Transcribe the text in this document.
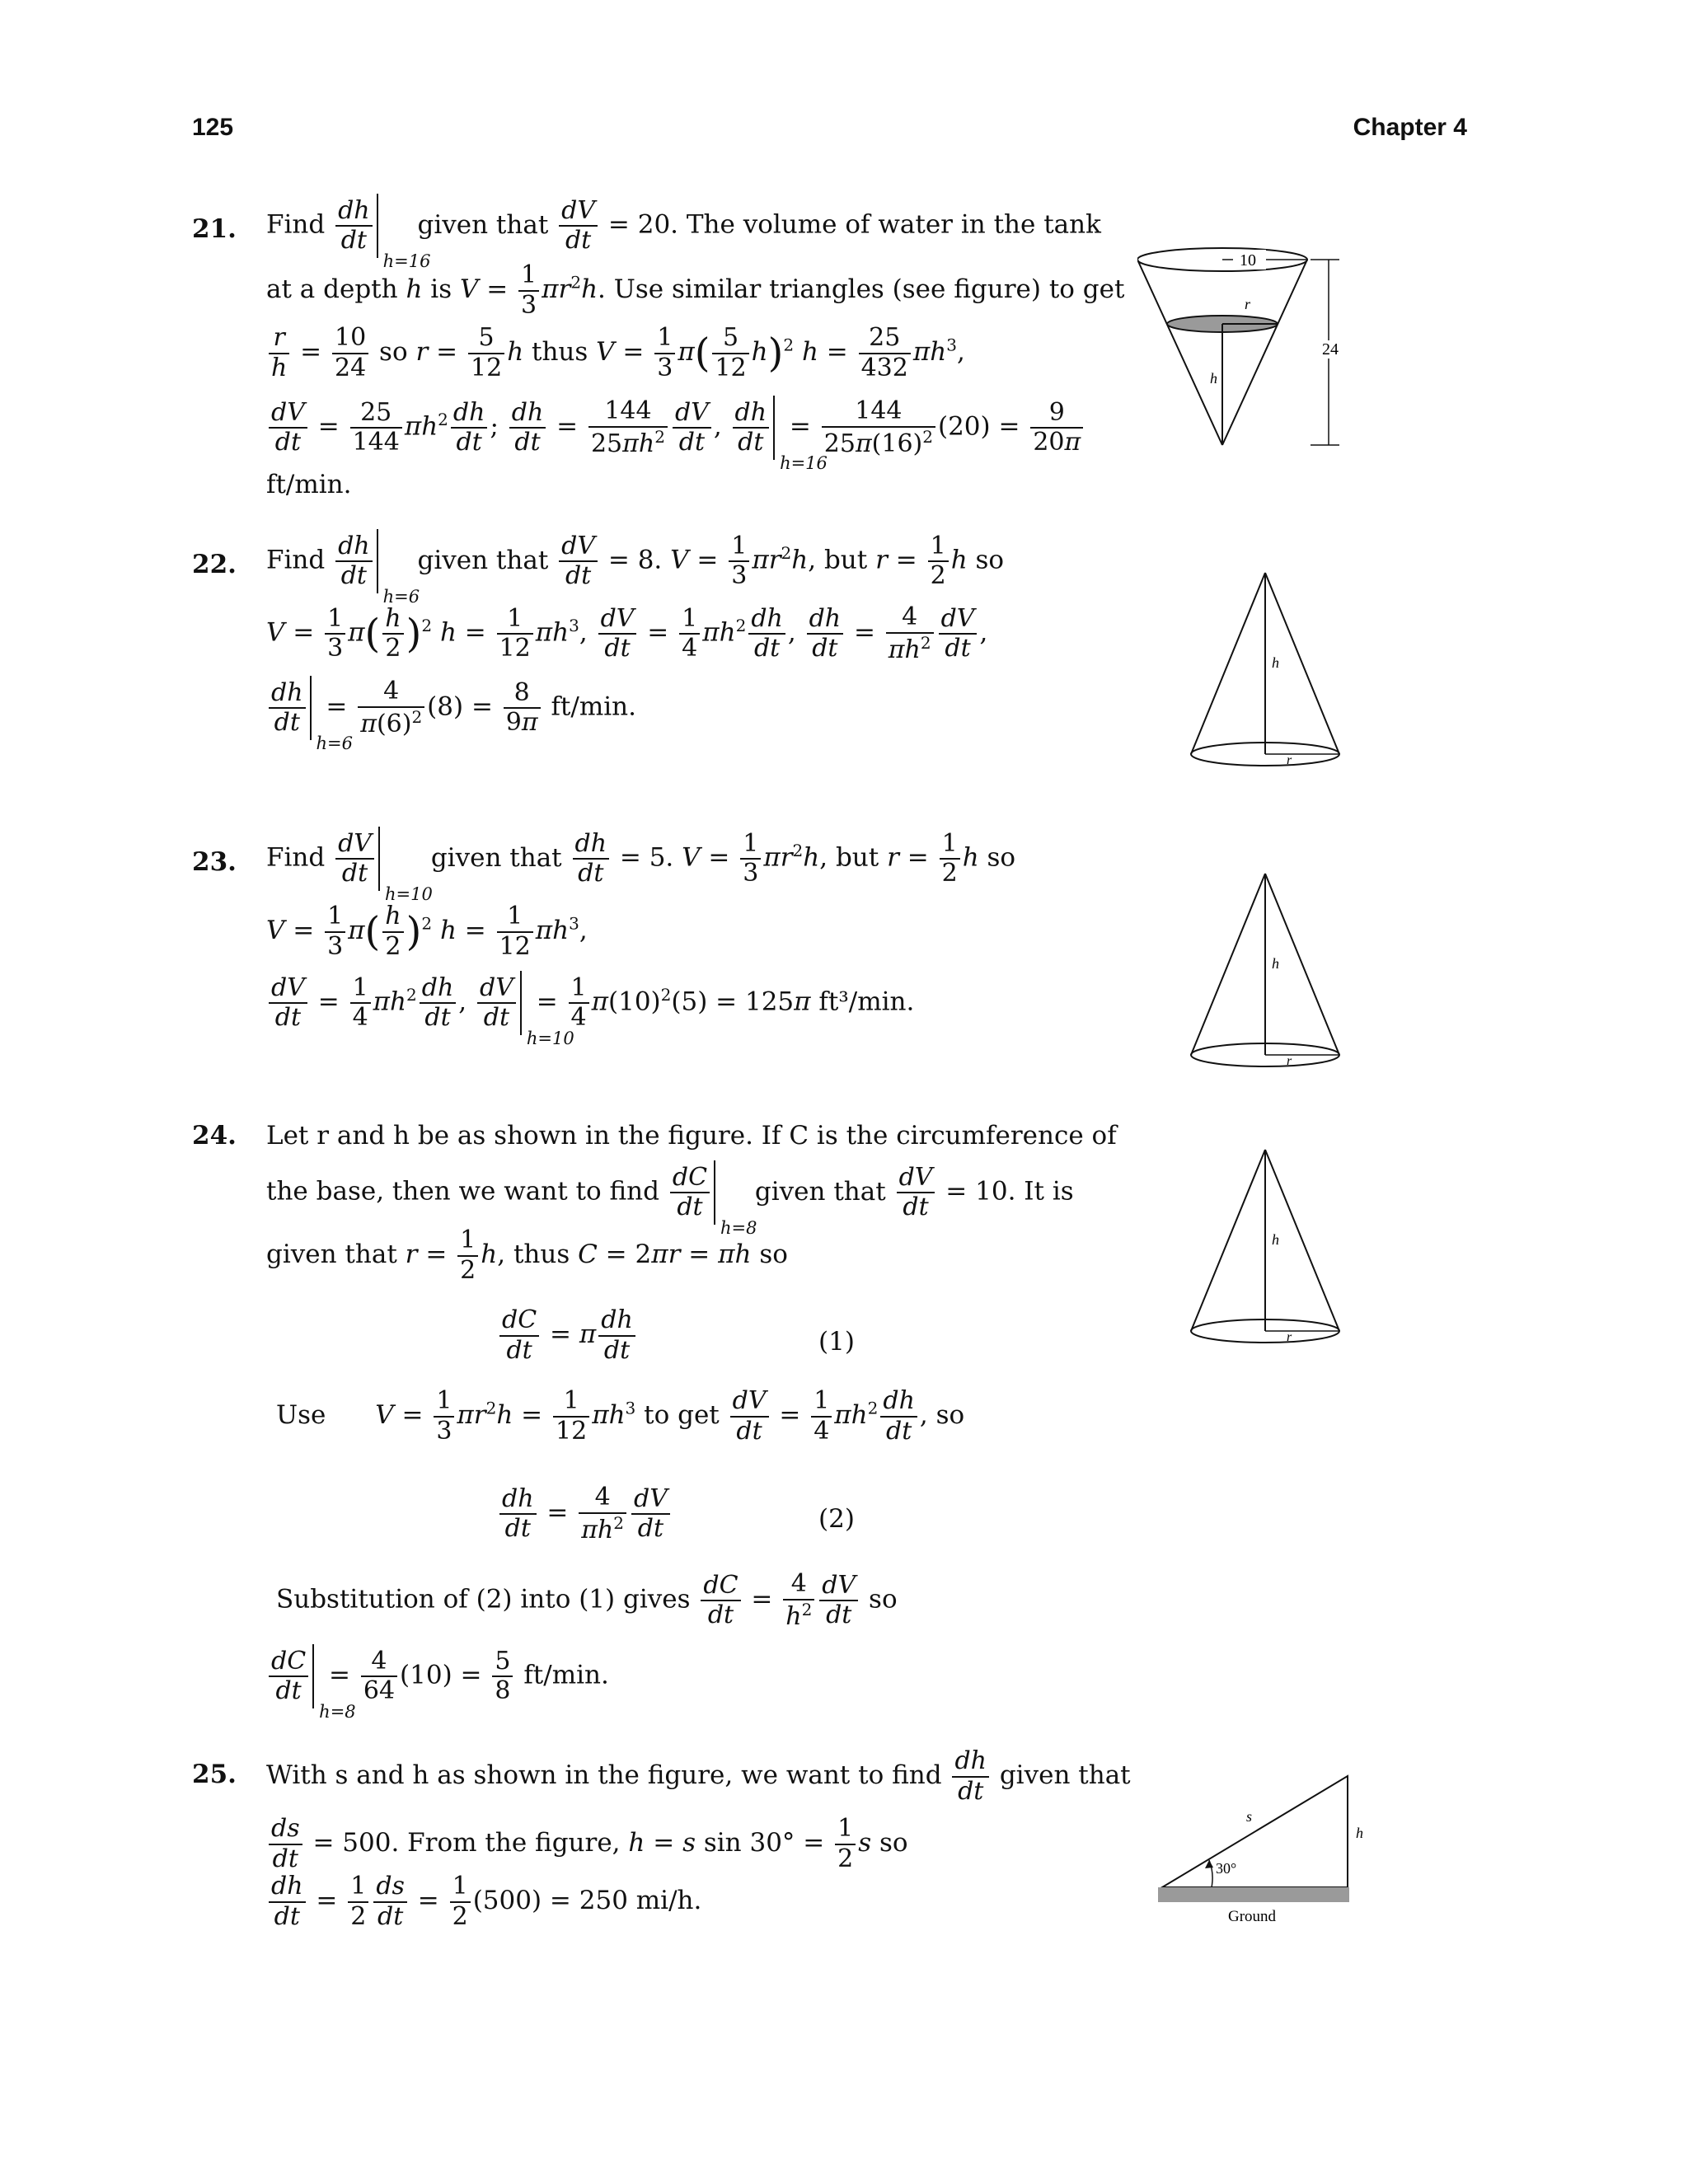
125	Chapter 4
21. Find $\frac{dh}{dt}$
h=16
given that $\frac{dV}{dt} = 20$. The volume of water in the tank
at a depth h is $V = \frac{1}{3} \pi r^2h$. Use similar triangles (see figure) to get
$\frac{r}{h} = \frac{10}{24}$ so $r = \frac{5}{12}$ h thus $V = \frac{1}{3} \pi( \frac{5}{12} h)^2$ $h = \frac{25}{432} \pi h^3$,
$\frac{dV}{dt} = \frac{25}{144} \pi h^2 \frac{dh}{dt}$ ; $\frac{dh}{dt} = \frac{144}{25\pi h^2} \frac{dV}{dt}$ , $\frac{dh}{dt}$
h=16
= $\frac{144}{25\pi(16)^2} (20) = \frac{9}{20\pi}$
ft/min.
10
24
r
h
22. Find $\frac{dh}{dt}$
h=6
given that $\frac{dV}{dt} = 8$. $V = \frac{1}{3} \pi r^2h$, but $r = \frac{1}{2}$ h so
$V = \frac{1}{3} \pi( \frac{h}{2} )^2$ $h = \frac{1}{12} \pi h^3$, $\frac{dV}{dt} = \frac{1}{4} \pi h^2 \frac{dh}{dt}$ , $\frac{dh}{dt} = \frac{4}{\pi h^2} \frac{dV}{dt}$ ,
$\frac{dh}{dt}$
h=6
= $\frac{4}{\pi(6)^2} (8) = \frac{8}{9\pi} ft/\min$.
h
r
23. Find $\frac{dV}{dt}$
h=10
given that $\frac{dh}{dt} = 5$. $V = \frac{1}{3} \pi r^2h$, but $r = \frac{1}{2}$ h so
$V = \frac{1}{3} \pi( \frac{h}{2} )^2$ $h = \frac{1}{12} \pi h^3$,
$\frac{dV}{dt} = \frac{1}{4} \pi h^2 \frac{dh}{dt}$ , $\frac{dV}{dt}$
h=10
= $\frac{1}{4} \pi(10)^2(5) = 125\pi$ ft³/min.
h
r
24. Let r and h be as shown in the figure. If C is the circumference of
the base, then we want to find $\frac{dC}{dt}$
h=8
given that $\frac{dV}{dt} = 10$. It is
given that $r = \frac{1}{2} h$, thus C = 2πr = πh so
$\frac{dC}{dt} = \pi \frac{dh}{dt}$	(1)
Use $V = \frac{1}{3} \pi r^2h = \frac{1}{12} \pi h^3$ to get $\frac{dV}{dt} = \frac{1}{4} \pi h^2 \frac{dh}{dt}$ , so
$\frac{dh}{dt} = \frac{4}{\pi h^2} \frac{dV}{dt}$	(2)
Substitution of (2) into (1) gives $\frac{dC}{dt} = \frac{4}{h^2} \frac{dV}{dt}$ so
$\frac{dC}{dt}$
h=8
= $\frac{4}{64} (10) = \frac{5}{8} ft/\min$.
h
r
25. With s and h as shown in the figure, we want to find $\frac{dh}{dt}$ given that
$\frac{ds}{dt} = 500$. From the figure, h = s $\sin 30^\circ = \frac{1}{2}$ s so
$\frac{dh}{dt} = \frac{1}{2} \frac{ds}{dt} = \frac{1}{2} (500) = 250$ mi/h.
30°
s
h
Ground
